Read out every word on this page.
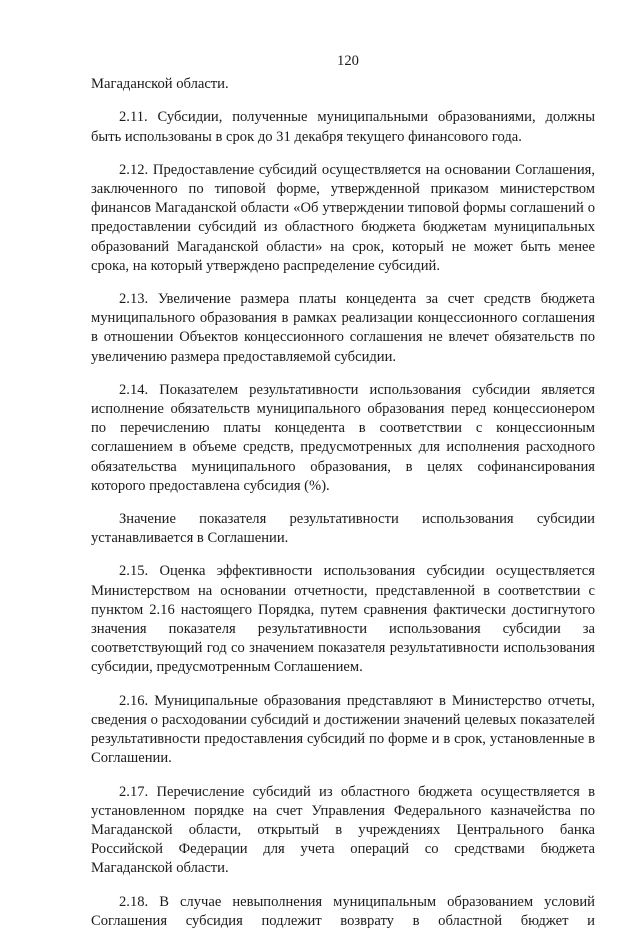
120

Магаданской области.

2.11. Субсидии, полученные муниципальными образованиями, должны быть использованы в срок до 31 декабря текущего финансового года.

2.12. Предоставление субсидий осуществляется на основании Соглашения, заключенного по типовой форме, утвержденной приказом министерством финансов Магаданской области «Об утверждении типовой формы соглашений о предоставлении субсидий из областного бюджета бюджетам муниципальных образований Магаданской области» на срок, который не может быть менее срока, на который утверждено распределение субсидий.

2.13. Увеличение размера платы концедента за счет средств бюджета муниципального образования в рамках реализации концессионного соглашения в отношении Объектов концессионного соглашения не влечет обязательств по увеличению размера предоставляемой субсидии.

2.14. Показателем результативности использования субсидии является исполнение обязательств муниципального образования перед концессионером по перечислению платы концедента в соответствии с концессионным соглашением в объеме средств, предусмотренных для исполнения расходного обязательства муниципального образования, в целях софинансирования которого предоставлена субсидия (%).

Значение показателя результативности использования субсидии устанавливается в Соглашении.

2.15. Оценка эффективности использования субсидии осуществляется Министерством на основании отчетности, представленной в соответствии с пунктом 2.16 настоящего Порядка, путем сравнения фактически достигнутого значения показателя результативности использования субсидии за соответствующий год со значением показателя результативности использования субсидии, предусмотренным Соглашением.

2.16. Муниципальные образования представляют в Министерство отчеты, сведения о расходовании субсидий и достижении значений целевых показателей результативности предоставления субсидий по форме и в срок, установленные в Соглашении.

2.17. Перечисление субсидий из областного бюджета осуществляется в установленном порядке на счет Управления Федерального казначейства по Магаданской области, открытый в учреждениях Центрального банка Российской Федерации для учета операций со средствами бюджета Магаданской области.

2.18. В случае невыполнения муниципальным образованием условий Соглашения субсидия подлежит возврату в областной бюджет и
